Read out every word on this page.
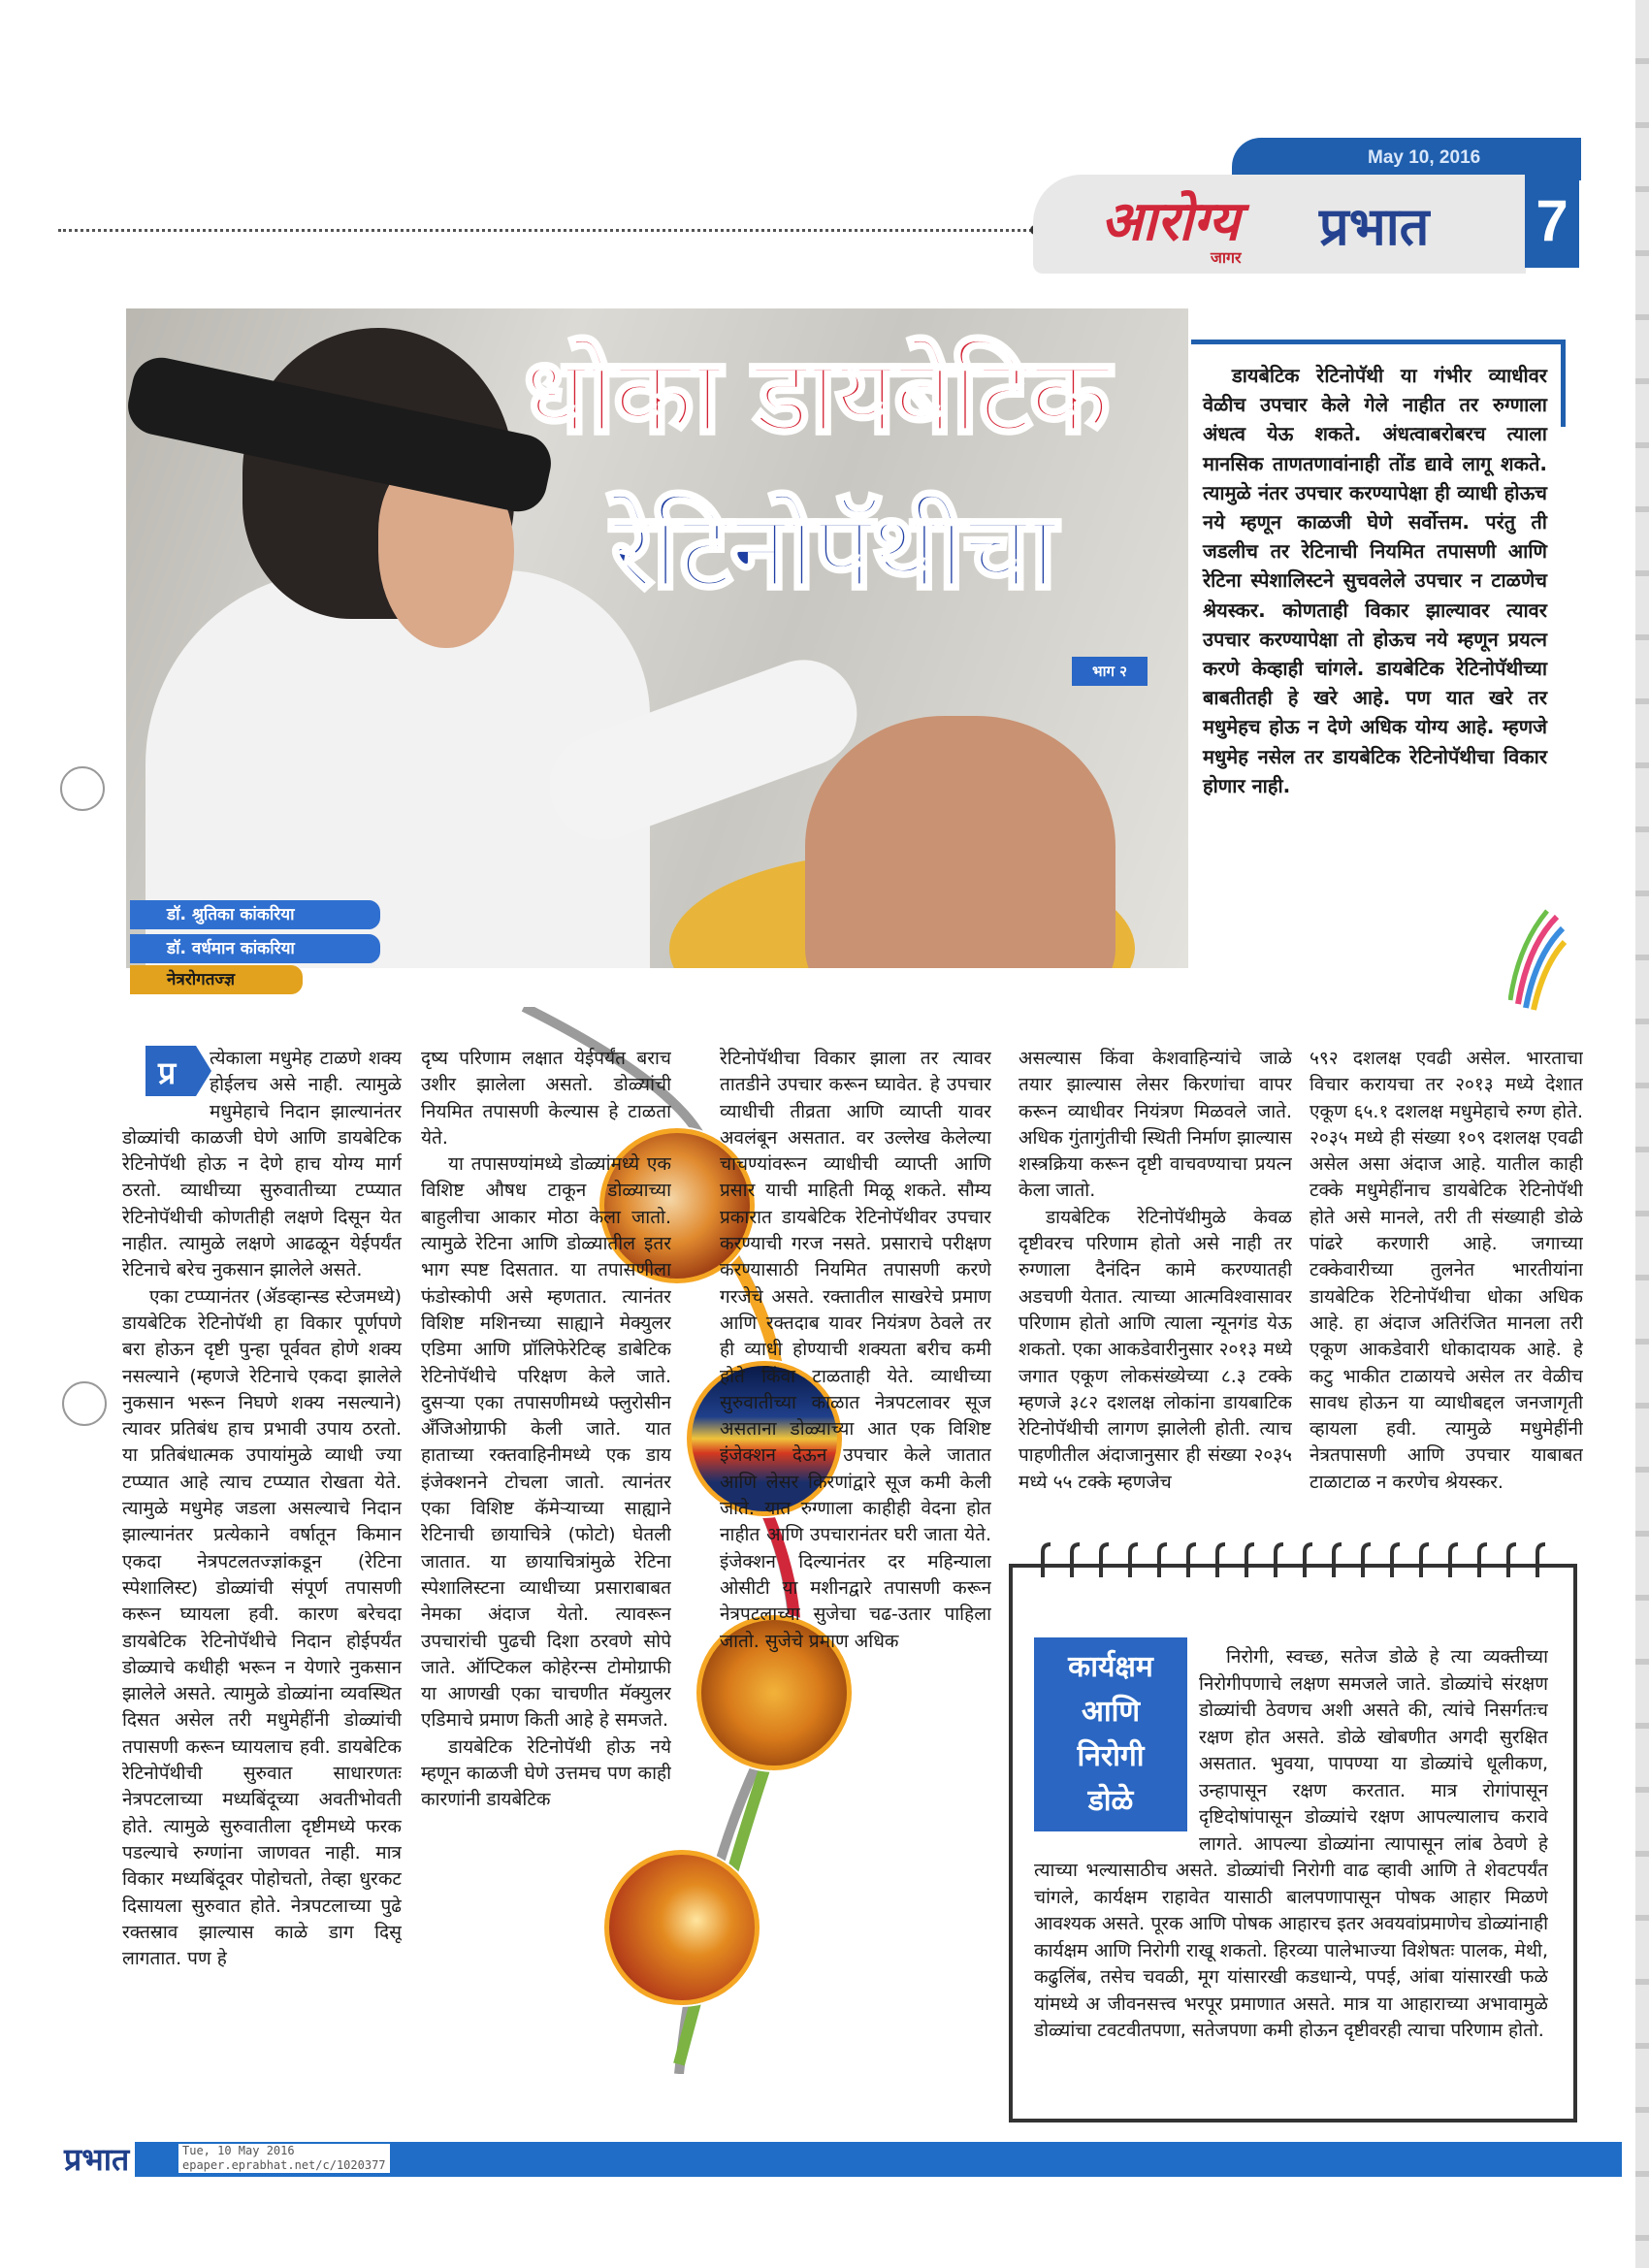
May 10, 2016
आरोग्य
जागर
प्रभात 7
धोका डायबेटिक
रेटिनोपॅथीचा
भाग २
डॉ. श्रुतिका कांकरिया
डॉ. वर्धमान कांकरिया
नेत्ररोगतज्ज्ञ

डायबेटिक रेटिनोपॅथी या गंभीर व्याधीवर वेळीच उपचार केले गेले नाहीत तर रुग्णाला अंधत्व येऊ शकते. अंधत्वाबरोबरच त्याला मानसिक ताणतणावांनाही तोंड द्यावे लागू शकते. त्यामुळे नंतर उपचार करण्यापेक्षा ही व्याधी होऊच नये म्हणून काळजी घेणे सर्वोत्तम. परंतु ती जडलीच तर रेटिनाची नियमित तपासणी आणि रेटिना स्पेशालिस्टने सुचवलेले उपचार न टाळणेच श्रेयस्कर. कोणताही विकार झाल्यावर त्यावर उपचार करण्यापेक्षा तो होऊच नये म्हणून प्रयत्न करणे केव्हाही चांगले. डायबेटिक रेटिनोपॅथीच्या बाबतीतही हे खरे आहे. पण यात खरे तर मधुमेहच होऊ न देणे अधिक योग्य आहे. म्हणजे मधुमेह नसेल तर डायबेटिक रेटिनोपॅथीचा विकार होणार नाही.

प्र	त्येकाला मधुमेह टाळणे शक्य होईलच असे नाही. त्यामुळे मधुमेहाचे निदान झाल्यानंतर डोळ्यांची काळजी घेणे आणि डायबेटिक रेटिनोपॅथी होऊ न देणे हाच योग्य मार्ग ठरतो. व्याधीच्या सुरुवातीच्या टप्प्यात रेटिनोपॅथीची कोणतीही लक्षणे दिसून येत नाहीत. त्यामुळे लक्षणे आढळून येईपर्यंत रेटिनाचे बरेच नुकसान झालेले असते.

एका टप्प्यानंतर (ॲडव्हान्स्ड स्टेजमध्ये) डायबेटिक रेटिनोपॅथी हा विकार पूर्णपणे बरा होऊन दृष्टी पुन्हा पूर्ववत होणे शक्य नसल्याने (म्हणजे रेटिनाचे एकदा झालेले नुकसान भरून निघणे शक्य नसल्याने) त्यावर प्रतिबंध हाच प्रभावी उपाय ठरतो. या प्रतिबंधात्मक उपायांमुळे व्याधी ज्या टप्प्यात आहे त्याच टप्प्यात रोखता येते. त्यामुळे मधुमेह जडला असल्याचे निदान झाल्यानंतर प्रत्येकाने वर्षातून किमान एकदा नेत्रपटलतज्ज्ञांकडून (रेटिना स्पेशालिस्ट) डोळ्यांची संपूर्ण तपासणी करून घ्यायला हवी. कारण बरेचदा डायबेटिक रेटिनोपॅथीचे निदान होईपर्यंत डोळ्याचे कधीही भरून न येणारे नुकसान झालेले असते. त्यामुळे डोळ्यांना व्यवस्थित दिसत असेल तरी मधुमेहींनी डोळ्यांची तपासणी करून घ्यायलाच हवी. डायबेटिक रेटिनोपॅथीची सुरुवात साधारणतः नेत्रपटलाच्या मध्यबिंदूच्या अवतीभोवती होते. त्यामुळे सुरुवातीला दृष्टीमध्ये फरक पडल्याचे रुग्णांना जाणवत नाही. मात्र विकार मध्यबिंदूवर पोहोचतो, तेव्हा धुरकट दिसायला सुरुवात होते. नेत्रपटलाच्या पुढे रक्तस्राव झाल्यास काळे डाग दिसू लागतात. पण हे

दृष्य परिणाम लक्षात येईपर्यंत बराच उशीर झालेला असतो. डोळ्यांची नियमित तपासणी केल्यास हे टाळता येते.

या तपासण्यांमध्ये डोळ्यांमध्ये एक विशिष्ट औषध टाकून डोळ्याच्या बाहुलीचा आकार मोठा केला जातो. त्यामुळे रेटिना आणि डोळ्यातील इतर भाग स्पष्ट दिसतात. या तपासणीला फंडोस्कोपी असे म्हणतात. त्यानंतर विशिष्ट मशिनच्या साह्याने मेक्युलर एडिमा आणि प्रॉलिफेरेटिव्ह डाबेटिक रेटिनोपॅथीचे परिक्षण केले जाते. दुसऱ्या एका तपासणीमध्ये फ्लुरोसीन ॲंजिओग्राफी केली जाते. यात हाताच्या रक्तवाहिनीमध्ये एक डाय इंजेक्शनने टोचला जातो. त्यानंतर एका विशिष्ट कॅमेऱ्याच्या साह्याने रेटिनाची छायाचित्रे (फोटो) घेतली जातात. या छायाचित्रांमुळे रेटिना स्पेशालिस्टना व्याधीच्या प्रसाराबाबत नेमका अंदाज येतो. त्यावरून उपचारांची पुढची दिशा ठरवणे सोपे जाते. ऑप्टिकल कोहेरन्स टोमोग्राफी या आणखी एका चाचणीत मॅक्युलर एडिमाचे प्रमाण किती आहे हे समजते.

डायबेटिक रेटिनोपॅथी होऊ नये म्हणून काळजी घेणे उत्तमच पण काही कारणांनी डायबेटिक

रेटिनोपॅथीचा विकार झाला तर त्यावर तातडीने उपचार करून घ्यावेत. हे उपचार व्याधीची तीव्रता आणि व्याप्ती यावर अवलंबून असतात. वर उल्लेख केलेल्या चाचण्यांवरून व्याधीची व्याप्ती आणि प्रसार याची माहिती मिळू शकते. सौम्य प्रकारात डायबेटिक रेटिनोपॅथीवर उपचार करण्याची गरज नसते. प्रसाराचे परीक्षण करण्यासाठी नियमित तपासणी करणे गरजेचे असते. रक्तातील साखरेचे प्रमाण आणि रक्तदाब यावर नियंत्रण ठेवले तर ही व्याधी होण्याची शक्यता बरीच कमी होते किंवा टाळताही येते. व्याधीच्या सुरुवातीच्या काळात नेत्रपटलावर सूज असताना डोळ्याच्या आत एक विशिष्ट इंजेक्शन देऊन उपचार केले जातात आणि लेसर किरणांद्वारे सूज कमी केली जाते. यात रुग्णाला काहीही वेदना होत नाहीत आणि उपचारानंतर घरी जाता येते. इंजेक्शन दिल्यानंतर दर महिन्याला ओसीटी या मशीनद्वारे तपासणी करून नेत्रपटलाच्या सुजेचा चढ-उतार पाहिला जातो. सुजेचे प्रमाण अधिक

असल्यास किंवा केशवाहिन्यांचे जाळे तयार झाल्यास लेसर किरणांचा वापर करून व्याधीवर नियंत्रण मिळवले जाते. अधिक गुंतागुंतीची स्थिती निर्माण झाल्यास शस्त्रक्रिया करून दृष्टी वाचवण्याचा प्रयत्न केला जातो.

डायबेटिक रेटिनोपॅथीमुळे केवळ दृष्टीवरच परिणाम होतो असे नाही तर रुग्णाला दैनंदिन कामे करण्यातही अडचणी येतात. त्याच्या आत्मविश्वासावर परिणाम होतो आणि त्याला न्यूनगंड येऊ शकतो. एका आकडेवारीनुसार २०१३ मध्ये जगात एकूण लोकसंख्येच्या ८.३ टक्के म्हणजे ३८२ दशलक्ष लोकांना डायबाटिक रेटिनोपॅथीची लागण झालेली होती. त्याच पाहणीतील अंदाजानुसार ही संख्या २०३५ मध्ये ५५ टक्के म्हणजेच

५९२ दशलक्ष एवढी असेल. भारताचा विचार करायचा तर २०१३ मध्ये देशात एकूण ६५.१ दशलक्ष मधुमेहाचे रुग्ण होते. २०३५ मध्ये ही संख्या १०९ दशलक्ष एवढी असेल असा अंदाज आहे. यातील काही टक्के मधुमेहींनाच डायबेटिक रेटिनोपॅथी होते असे मानले, तरी ती संख्याही डोळे पांढरे करणारी आहे. जगाच्या टक्केवारीच्या तुलनेत भारतीयांना डायबेटिक रेटिनोपॅथीचा धोका अधिक आहे. हा अंदाज अतिरंजित मानला तरी एकूण आकडेवारी धोकादायक आहे. हे कटु भाकीत टाळायचे असेल तर वेळीच सावध होऊन या व्याधीबद्दल जनजागृती व्हायला हवी. त्यामुळे मधुमेहींनी नेत्रतपासणी आणि उपचार याबाबत टाळाटाळ न करणेच श्रेयस्कर.

निरोगी, स्वच्छ, सतेज डोळे हे त्या व्यक्तीच्या निरोगीपणाचे लक्षण समजले जाते. डोळ्यांचे संरक्षण डोळ्यांची ठेवणच अशी असते की, त्यांचे निसर्गतःच रक्षण होत असते. डोळे खोबणीत अगदी सुरक्षित असतात. भुवया, पापण्या या डोळ्यांचे धूलीकण, उन्हापासून रक्षण करतात. मात्र रोगांपासून दृष्टिदोषांपासून डोळ्यांचे रक्षण आपल्यालाच करावे लागते. आपल्या डोळ्यांना त्यापासून लांब ठेवणे हे त्याच्या भल्यासाठीच असते. डोळ्यांची निरोगी वाढ व्हावी आणि ते शेवटपर्यंत चांगले, कार्यक्षम राहावेत यासाठी बालपणापासून पोषक आहार मिळणे आवश्यक असते. पूरक आणि पोषक आहारच इतर अवयवांप्रमाणेच डोळ्यांनाही कार्यक्षम आणि निरोगी राखू शकतो. हिरव्या पालेभाज्या विशेषतः पालक, मेथी, कढुलिंब, तसेच चवळी, मूग यांसारखी कडधान्ये, पपई, आंबा यांसारखी फळे यांमध्ये अ जीवनसत्त्व भरपूर प्रमाणात असते. मात्र या आहाराच्या अभावामुळे डोळ्यांचा टवटवीतपणा, सतेजपणा कमी होऊन दृष्टीवरही त्याचा परिणाम होतो.

कार्यक्षम
आणि
निरोगी
डोळे
प्रभात	Tue, 10 May 2016
epaper.eprabhat.net/c/1020377
